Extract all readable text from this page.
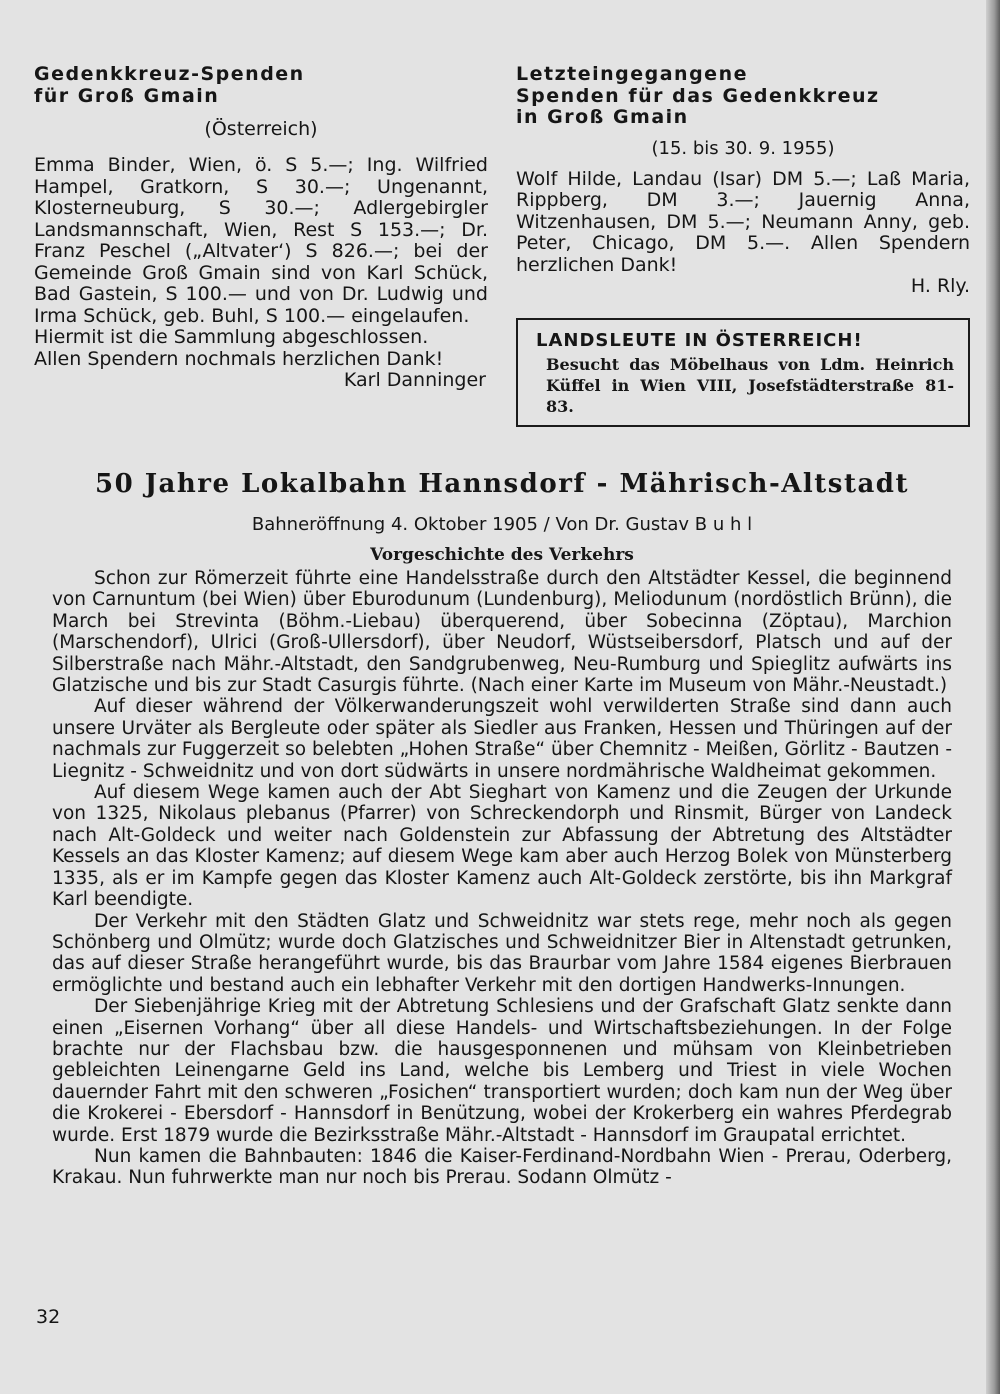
Gedenkkreuz-Spenden

für Groß Gmain

(Österreich)

Emma Binder, Wien, ö. S 5.—; Ing. Wilfried Hampel, Gratkorn, S 30.—; Ungenannt, Klosterneuburg, S 30.—; Adlergebirgler Landsmannschaft, Wien, Rest S 153.—; Dr. Franz Peschel („Altvater‘) S 826.—; bei der Gemeinde Groß Gmain sind von Karl Schück, Bad Gastein, S 100.— und von Dr. Ludwig und Irma Schück, geb. Buhl, S 100.— eingelaufen.

Hiermit ist die Sammlung abgeschlossen.

Allen Spendern nochmals herzlichen Dank!

Karl Danninger

Letzteingegangene

Spenden für das Gedenkkreuz

in Groß Gmain

(15. bis 30. 9. 1955)

Wolf Hilde, Landau (Isar) DM 5.—; Laß Maria, Rippberg, DM 3.—; Jauernig Anna, Witzenhausen, DM 5.—; Neumann Anny, geb. Peter, Chicago, DM 5.—. Allen Spendern herzlichen Dank!

H. Rly.
LANDSLEUTE IN ÖSTERREICH!

Besucht das Möbelhaus von Ldm. Heinrich Küffel in Wien VIII, Josefstädterstraße 81-83.

50 Jahre Lokalbahn Hannsdorf - Mährisch-Altstadt
Bahneröffnung 4. Oktober 1905 / Von Dr. Gustav B u h l
Vorgeschichte des Verkehrs

Schon zur Römerzeit führte eine Handelsstraße durch den Altstädter Kessel, die beginnend von Carnuntum (bei Wien) über Eburodunum (Lundenburg), Meliodunum (nordöstlich Brünn), die March bei Strevinta (Böhm.-Liebau) überquerend, über Sobecinna (Zöptau), Marchion (Marschendorf), Ulrici (Groß-Ullersdorf), über Neudorf, Wüstseibersdorf, Platsch und auf der Silberstraße nach Mähr.-Altstadt, den Sandgrubenweg, Neu-Rumburg und Spieglitz aufwärts ins Glatzische und bis zur Stadt Casurgis führte. (Nach einer Karte im Museum von Mähr.-Neustadt.)

Auf dieser während der Völkerwanderungszeit wohl verwilderten Straße sind dann auch unsere Urväter als Bergleute oder später als Siedler aus Franken, Hessen und Thüringen auf der nachmals zur Fuggerzeit so belebten „Hohen Straße“ über Chemnitz - Meißen, Görlitz - Bautzen - Liegnitz - Schweidnitz und von dort südwärts in unsere nordmährische Waldheimat gekommen.

Auf diesem Wege kamen auch der Abt Sieghart von Kamenz und die Zeugen der Urkunde von 1325, Nikolaus plebanus (Pfarrer) von Schreckendorph und Rinsmit, Bürger von Landeck nach Alt-Goldeck und weiter nach Goldenstein zur Abfassung der Abtretung des Altstädter Kessels an das Kloster Kamenz; auf diesem Wege kam aber auch Herzog Bolek von Münsterberg 1335, als er im Kampfe gegen das Kloster Kamenz auch Alt-Goldeck zerstörte, bis ihn Markgraf Karl beendigte.

Der Verkehr mit den Städten Glatz und Schweidnitz war stets rege, mehr noch als gegen Schönberg und Olmütz; wurde doch Glatzisches und Schweidnitzer Bier in Altenstadt getrunken, das auf dieser Straße herangeführt wurde, bis das Braurbar vom Jahre 1584 eigenes Bierbrauen ermöglichte und bestand auch ein lebhafter Verkehr mit den dortigen Handwerks-Innungen.

Der Siebenjährige Krieg mit der Abtretung Schlesiens und der Grafschaft Glatz senkte dann einen „Eisernen Vorhang“ über all diese Handels- und Wirtschaftsbeziehungen. In der Folge brachte nur der Flachsbau bzw. die hausgesponnenen und mühsam von Kleinbetrieben gebleichten Leinengarne Geld ins Land, welche bis Lemberg und Triest in viele Wochen dauernder Fahrt mit den schweren „Fosichen“ transportiert wurden; doch kam nun der Weg über die Krokerei - Ebersdorf - Hannsdorf in Benützung, wobei der Krokerberg ein wahres Pferdegrab wurde. Erst 1879 wurde die Bezirksstraße Mähr.-Altstadt - Hannsdorf im Graupatal errichtet.

Nun kamen die Bahnbauten: 1846 die Kaiser-Ferdinand-Nordbahn Wien - Prerau, Oderberg, Krakau. Nun fuhrwerkte man nur noch bis Prerau. Sodann Olmütz -

32
